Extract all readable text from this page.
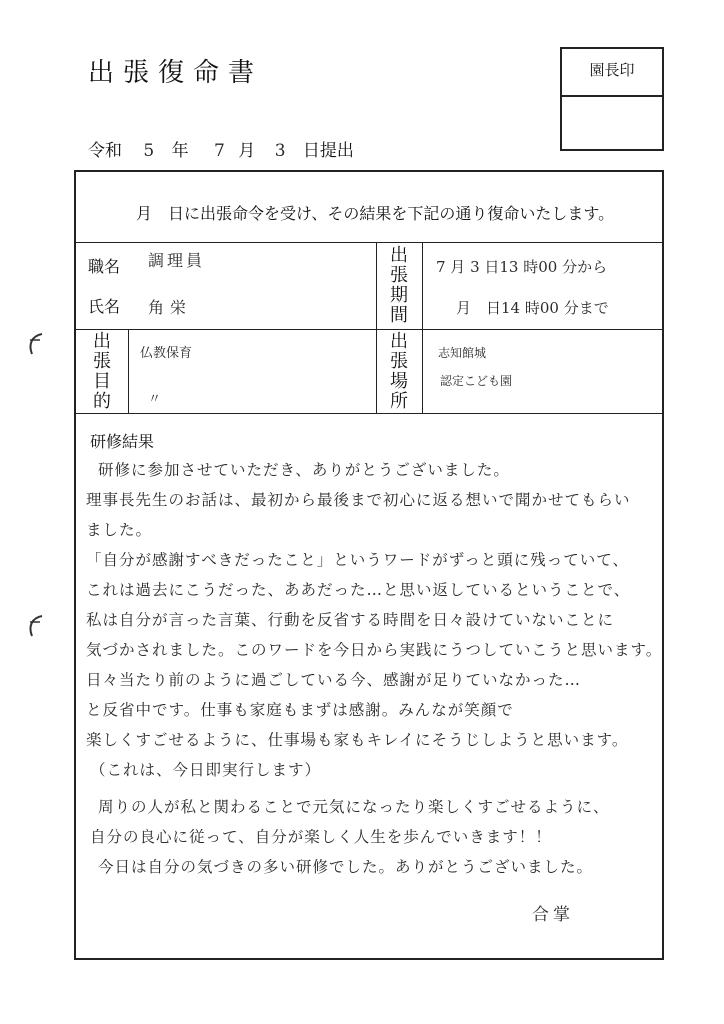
出張復命書	園長印
令和 5 年 7 月 3 日提出
月　日に出張命令を受け、その結果を下記の通り復命いたします。
職名 調理員
氏名 角栄
出張期間
7 月 3 日13 時00 分から
月　日14 時00 分まで
出張目的
仏教保育
〃
出張場所
志知館城
認定こども園
研修結果
研修に参加させていただき、ありがとうございました。
理事長先生のお話は、最初から最後まで初心に返る想いで聞かせてもらい
ました。
「自分が感謝すべきだったこと」というワードがずっと頭に残っていて、
これは過去にこうだった、ああだった…と思い返しているということで、
私は自分が言った言葉、行動を反省する時間を日々設けていないことに
気づかされました。このワードを今日から実践にうつしていこうと思います。
日々当たり前のように過ごしている今、感謝が足りていなかった…
と反省中です。仕事も家庭もまずは感謝。みんなが笑顔で
楽しくすごせるように、仕事場も家もキレイにそうじしようと思います。
（これは、今日即実行します）
周りの人が私と関わることで元気になったり楽しくすごせるように、
自分の良心に従って、自分が楽しく人生を歩んでいきます！！
今日は自分の気づきの多い研修でした。ありがとうございました。
合掌
